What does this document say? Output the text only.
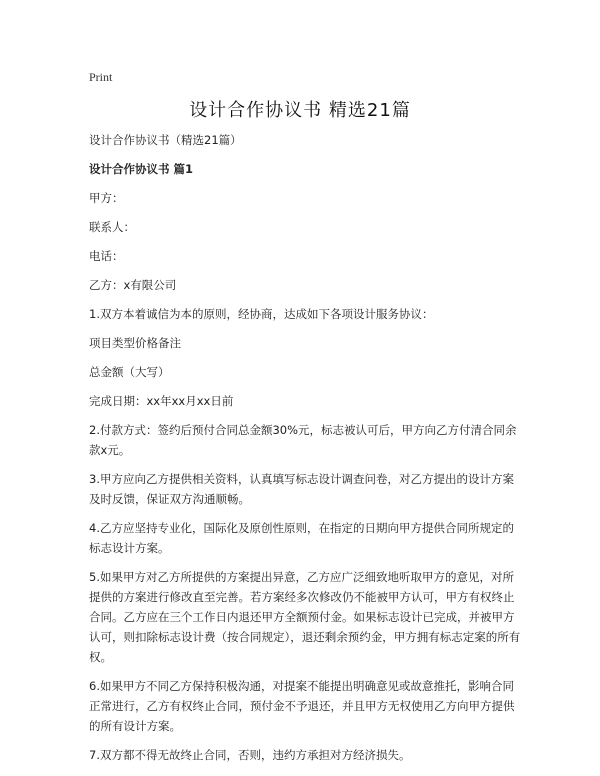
Print
设计合作协议书 精选21篇

设计合作协议书（精选21篇）

设计合作协议书 篇1

甲方：

联系人：

电话：

乙方：x有限公司

1.双方本着诚信为本的原则，经协商，达成如下各项设计服务协议：

项目类型价格备注

总金额（大写）

完成日期：xx年xx月xx日前

2.付款方式：签约后预付合同总金额30%元，标志被认可后，甲方向乙方付清合同余款x元。

3.甲方应向乙方提供相关资料，认真填写标志设计调查问卷，对乙方提出的设计方案及时反馈，保证双方沟通顺畅。

4.乙方应坚持专业化，国际化及原创性原则，在指定的日期向甲方提供合同所规定的标志设计方案。

5.如果甲方对乙方所提供的方案提出异意，乙方应广泛细致地听取甲方的意见，对所提供的方案进行修改直至完善。若方案经多次修改仍不能被甲方认可，甲方有权终止合同。乙方应在三个工作日内退还甲方全额预付金。如果标志设计已完成，并被甲方认可，则扣除标志设计费（按合同规定），退还剩余预约金，甲方拥有标志定案的所有权。

6.如果甲方不同乙方保持积极沟通，对提案不能提出明确意见或故意推托，影响合同正常进行，乙方有权终止合同，预付金不予退还，并且甲方无权使用乙方向甲方提供的所有设计方案。

7.双方都不得无故终止合同，否则，违约方承担对方经济损失。
